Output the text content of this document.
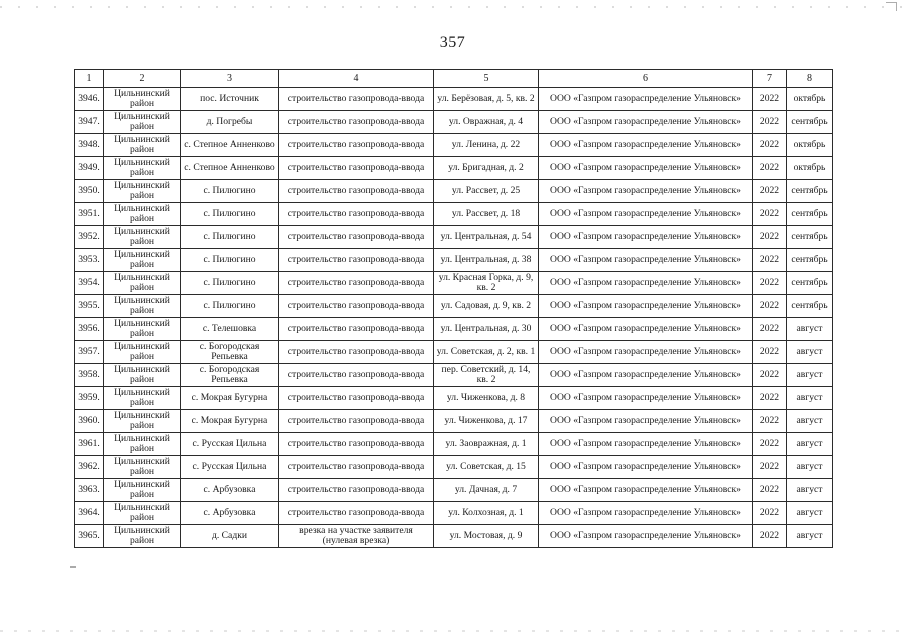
357
1	2	3	4	5	6	7	8
3946.	Цильнинский район	пос. Источник	строительство газопровода-ввода	ул. Берёзовая, д. 5, кв. 2	ООО «Газпром газораспределение Ульяновск»	2022	октябрь
3947.	Цильнинский район	д. Погребы	строительство газопровода-ввода	ул. Овражная, д. 4	ООО «Газпром газораспределение Ульяновск»	2022	сентябрь
3948.	Цильнинский район	с. Степное Анненково	строительство газопровода-ввода	ул. Ленина, д. 22	ООО «Газпром газораспределение Ульяновск»	2022	октябрь
3949.	Цильнинский район	с. Степное Анненково	строительство газопровода-ввода	ул. Бригадная, д. 2	ООО «Газпром газораспределение Ульяновск»	2022	октябрь
3950.	Цильнинский район	с. Пилюгино	строительство газопровода-ввода	ул. Рассвет, д. 25	ООО «Газпром газораспределение Ульяновск»	2022	сентябрь
3951.	Цильнинский район	с. Пилюгино	строительство газопровода-ввода	ул. Рассвет, д. 18	ООО «Газпром газораспределение Ульяновск»	2022	сентябрь
3952.	Цильнинский район	с. Пилюгино	строительство газопровода-ввода	ул. Центральная, д. 54	ООО «Газпром газораспределение Ульяновск»	2022	сентябрь
3953.	Цильнинский район	с. Пилюгино	строительство газопровода-ввода	ул. Центральная, д. 38	ООО «Газпром газораспределение Ульяновск»	2022	сентябрь
3954.	Цильнинский район	с. Пилюгино	строительство газопровода-ввода	ул. Красная Горка, д. 9, кв. 2	ООО «Газпром газораспределение Ульяновск»	2022	сентябрь
3955.	Цильнинский район	с. Пилюгино	строительство газопровода-ввода	ул. Садовая, д. 9, кв. 2	ООО «Газпром газораспределение Ульяновск»	2022	сентябрь
3956.	Цильнинский район	с. Телешовка	строительство газопровода-ввода	ул. Центральная, д. 30	ООО «Газпром газораспределение Ульяновск»	2022	август
3957.	Цильнинский район	с. Богородская Репьевка	строительство газопровода-ввода	ул. Советская, д. 2, кв. 1	ООО «Газпром газораспределение Ульяновск»	2022	август
3958.	Цильнинский район	с. Богородская Репьевка	строительство газопровода-ввода	пер. Советский, д. 14, кв. 2	ООО «Газпром газораспределение Ульяновск»	2022	август
3959.	Цильнинский район	с. Мокрая Бугурна	строительство газопровода-ввода	ул. Чиженкова, д. 8	ООО «Газпром газораспределение Ульяновск»	2022	август
3960.	Цильнинский район	с. Мокрая Бугурна	строительство газопровода-ввода	ул. Чиженкова, д. 17	ООО «Газпром газораспределение Ульяновск»	2022	август
3961.	Цильнинский район	с. Русская Цильна	строительство газопровода-ввода	ул. Заовражная, д. 1	ООО «Газпром газораспределение Ульяновск»	2022	август
3962.	Цильнинский район	с. Русская Цильна	строительство газопровода-ввода	ул. Советская, д. 15	ООО «Газпром газораспределение Ульяновск»	2022	август
3963.	Цильнинский район	с. Арбузовка	строительство газопровода-ввода	ул. Дачная, д. 7	ООО «Газпром газораспределение Ульяновск»	2022	август
3964.	Цильнинский район	с. Арбузовка	строительство газопровода-ввода	ул. Колхозная, д. 1	ООО «Газпром газораспределение Ульяновск»	2022	август
3965.	Цильнинский район	д. Садки	врезка на участке заявителя (нулевая врезка)	ул. Мостовая, д. 9	ООО «Газпром газораспределение Ульяновск»	2022	август
